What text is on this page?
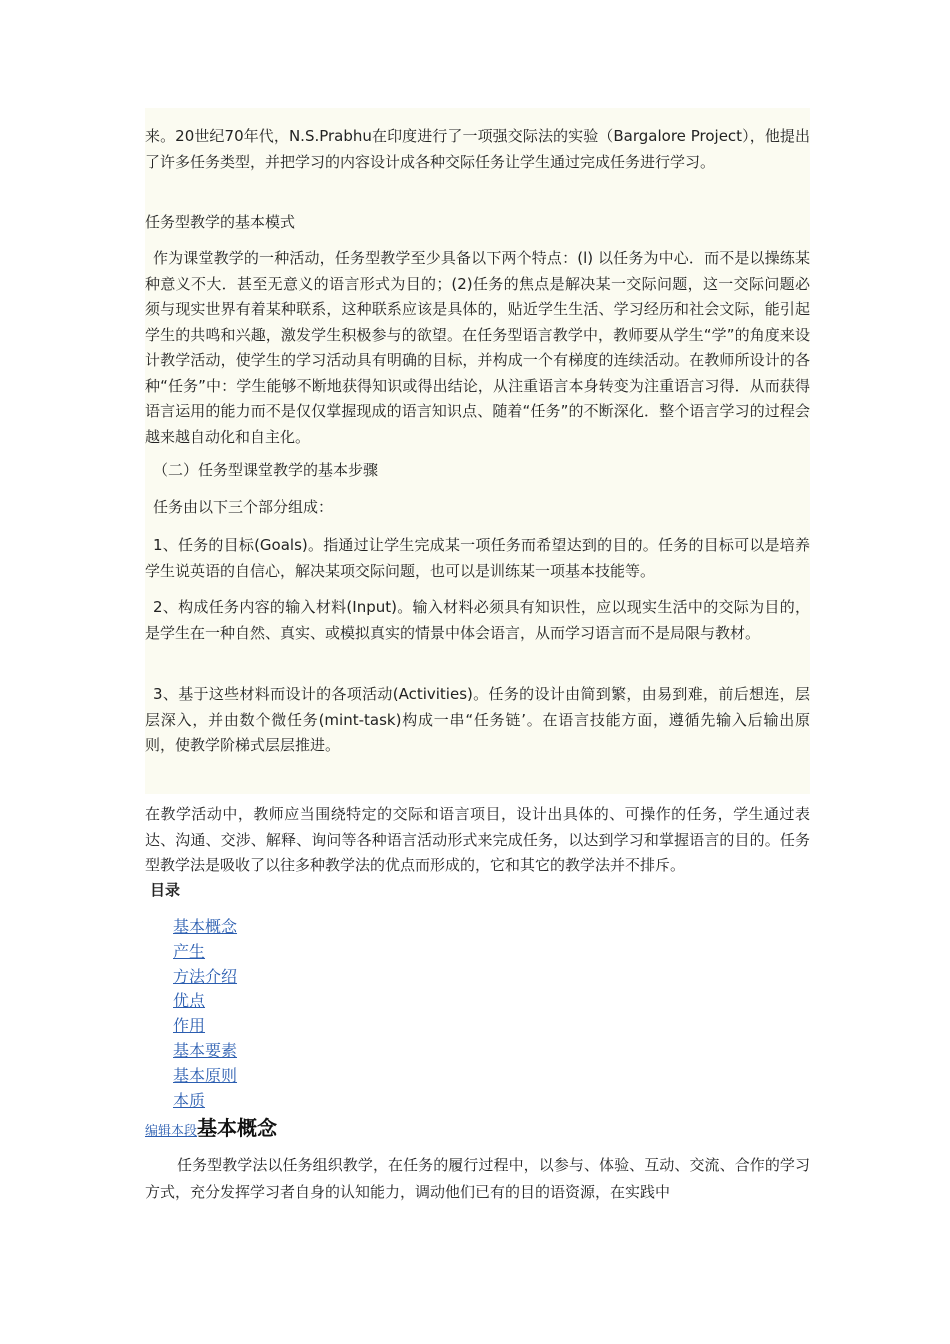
来。20世纪70年代，N.S.Prabhu在印度进行了一项强交际法的实验（Bargalore Project），他提出了许多任务类型，并把学习的内容设计成各种交际任务让学生通过完成任务进行学习。
任务型教学的基本模式
作为课堂教学的一种活动，任务型教学至少具备以下两个特点：(l) 以任务为中心．而不是以操练某种意义不大．甚至无意义的语言形式为目的；(2)任务的焦点是解决某一交际问题，这一交际问题必须与现实世界有着某种联系，这种联系应该是具体的，贴近学生生活、学习经历和社会文际，能引起学生的共鸣和兴趣，激发学生积极参与的欲望。在任务型语言教学中，教师要从学生“学”的角度来设计教学活动，使学生的学习活动具有明确的目标，并构成一个有梯度的连续活动。在教师所设计的各种“任务”中：学生能够不断地获得知识或得出结论，从注重语言本身转变为注重语言习得．从而获得语言运用的能力而不是仅仅掌握现成的语言知识点、随着“任务”的不断深化．整个语言学习的过程会越来越自动化和自主化。
（二）任务型课堂教学的基本步骤
任务由以下三个部分组成：
1、任务的目标(Goals)。指通过让学生完成某一项任务而希望达到的目的。任务的目标可以是培养学生说英语的自信心，解决某项交际问题，也可以是训练某一项基本技能等。
2、构成任务内容的输入材料(Input)。输入材料必须具有知识性，应以现实生活中的交际为目的，是学生在一种自然、真实、或模拟真实的情景中体会语言，从而学习语言而不是局限与教材。
3、基于这些材料而设计的各项活动(Activities)。任务的设计由简到繁，由易到难，前后想连，层层深入，并由数个微任务(mint-task)构成一串“任务链’。在语言技能方面，遵循先输入后输出原则，使教学阶梯式层层推进。
在教学活动中，教师应当围绕特定的交际和语言项目，设计出具体的、可操作的任务，学生通过表达、沟通、交涉、解释、询问等各种语言活动形式来完成任务，以达到学习和掌握语言的目的。任务型教学法是吸收了以往多种教学法的优点而形成的，它和其它的教学法并不排斥。
目录
基本概念
产生
方法介绍
优点
作用
基本要素
基本原则
本质
编辑本段基本概念
任务型教学法以任务组织教学，在任务的履行过程中，以参与、体验、互动、交流、合作的学习方式，充分发挥学习者自身的认知能力，调动他们已有的目的语资源，在实践中
